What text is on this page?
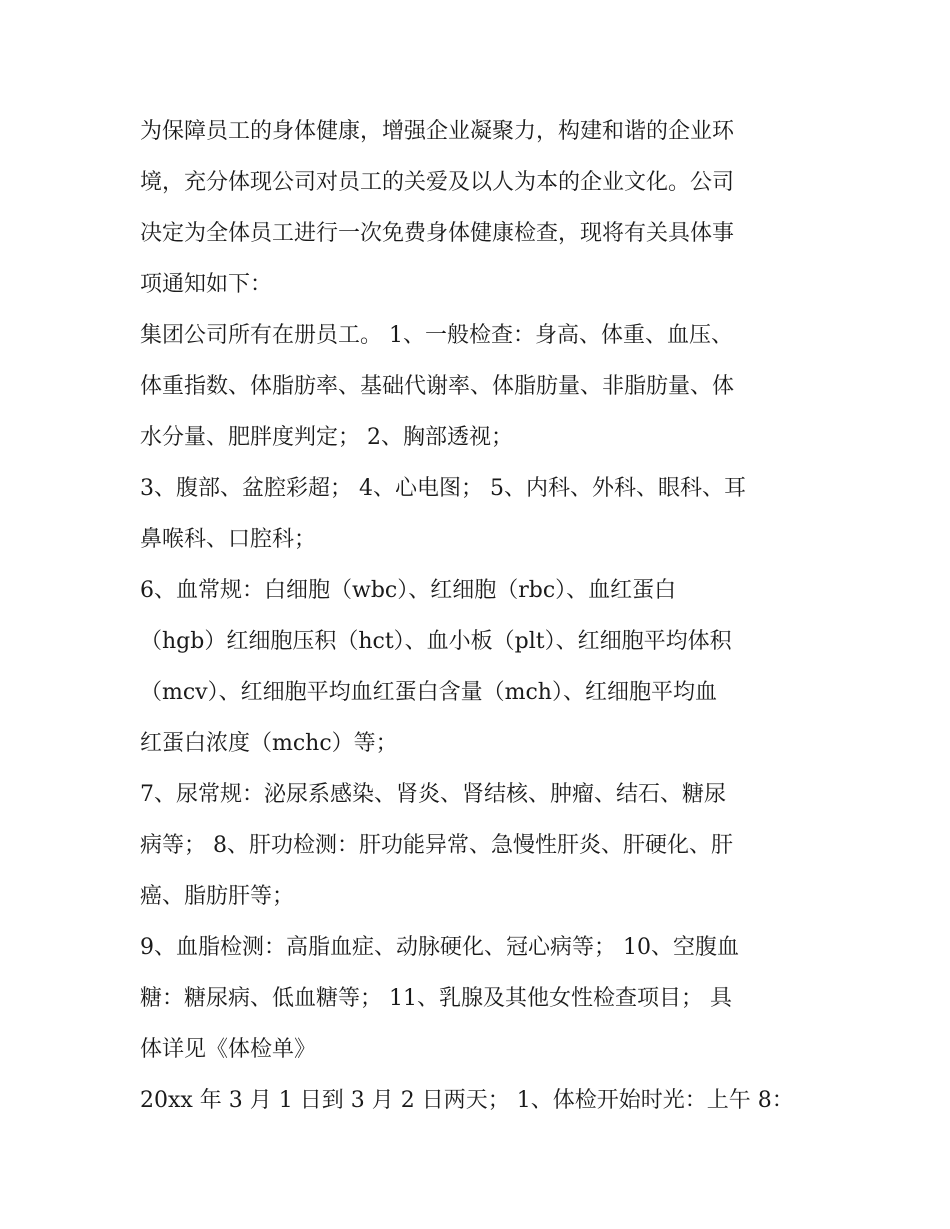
为保障员工的身体健康，增强企业凝聚力，构建和谐的企业环
境，充分体现公司对员工的关爱及以人为本的企业文化。公司
决定为全体员工进行一次免费身体健康检查，现将有关具体事
项通知如下：
集团公司所有在册员工。 1、一般检查：身高、体重、血压、
体重指数、体脂肪率、基础代谢率、体脂肪量、非脂肪量、体
水分量、肥胖度判定； 2、胸部透视；
3、腹部、盆腔彩超； 4、心电图； 5、内科、外科、眼科、耳
鼻喉科、口腔科；
6、血常规：白细胞（wbc）、红细胞（rbc）、血红蛋白
（hgb）红细胞压积（hct）、血小板（plt）、红细胞平均体积
（mcv）、红细胞平均血红蛋白含量（mch）、红细胞平均血
红蛋白浓度（mchc）等；
7、尿常规：泌尿系感染、肾炎、肾结核、肿瘤、结石、糖尿
病等； 8、肝功检测：肝功能异常、急慢性肝炎、肝硬化、肝
癌、脂肪肝等；
9、血脂检测：高脂血症、动脉硬化、冠心病等； 10、空腹血
糖：糖尿病、低血糖等； 11、乳腺及其他女性检查项目； 具
体详见《体检单》
20xx 年 3 月 1 日到 3 月 2 日两天； 1、体检开始时光：上午 8：
